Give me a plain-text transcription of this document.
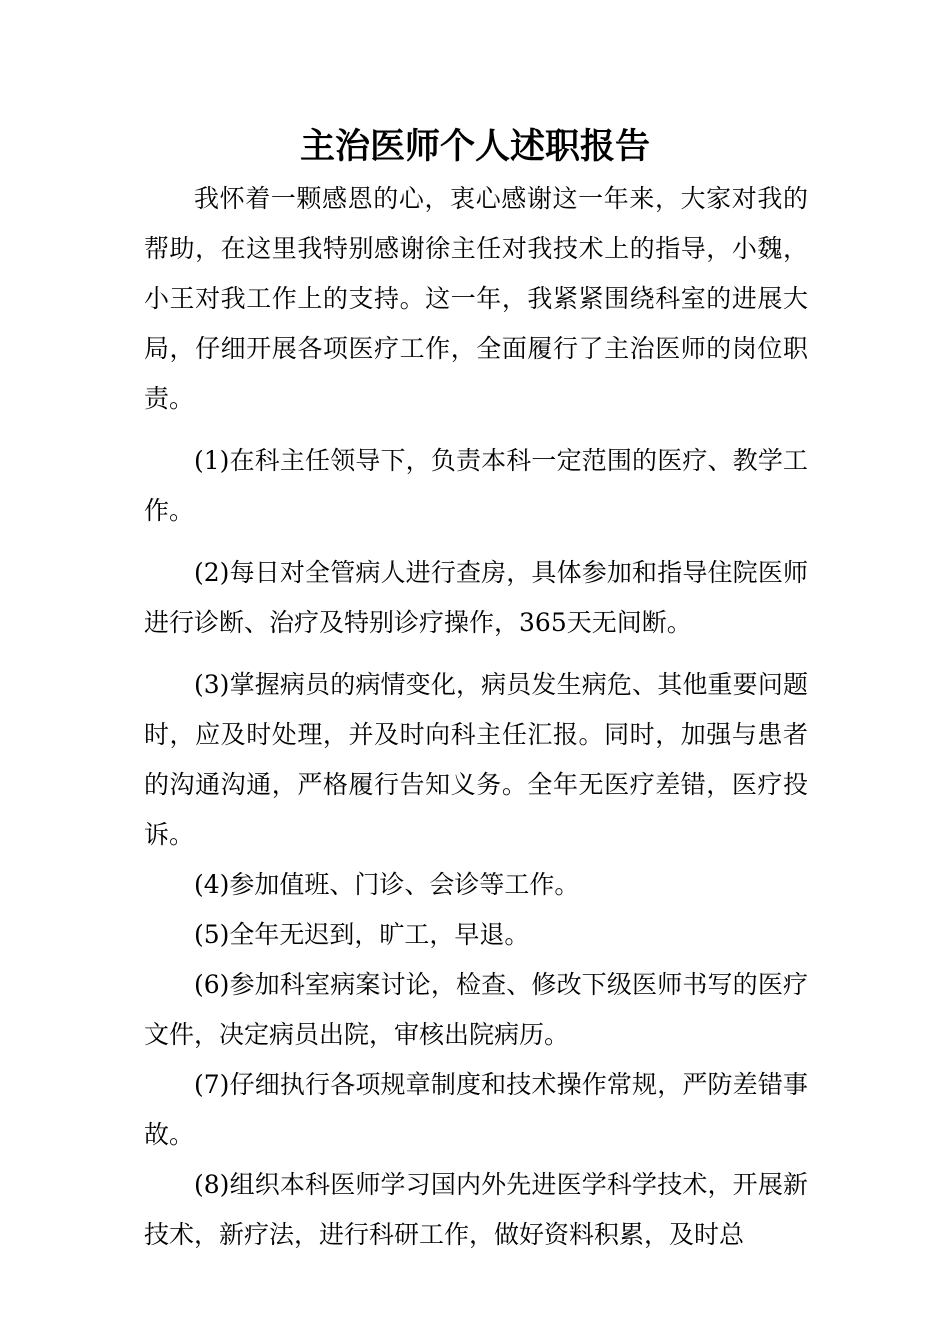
主治医师个人述职报告

我怀着一颗感恩的心，衷心感谢这一年来，大家对我的帮助，在这里我特别感谢徐主任对我技术上的指导，小魏，小王对我工作上的支持。这一年，我紧紧围绕科室的进展大局，仔细开展各项医疗工作，全面履行了主治医师的岗位职责。

(1)在科主任领导下，负责本科一定范围的医疗、教学工作。

(2)每日对全管病人进行查房，具体参加和指导住院医师进行诊断、治疗及特别诊疗操作，365天无间断。

(3)掌握病员的病情变化，病员发生病危、其他重要问题时，应及时处理，并及时向科主任汇报。同时，加强与患者的沟通沟通，严格履行告知义务。全年无医疗差错，医疗投诉。

(4)参加值班、门诊、会诊等工作。

(5)全年无迟到，旷工，早退。

(6)参加科室病案讨论，检查、修改下级医师书写的医疗文件，决定病员出院，审核出院病历。

(7)仔细执行各项规章制度和技术操作常规，严防差错事故。

(8)组织本科医师学习国内外先进医学科学技术，开展新技术，新疗法，进行科研工作，做好资料积累，及时总
